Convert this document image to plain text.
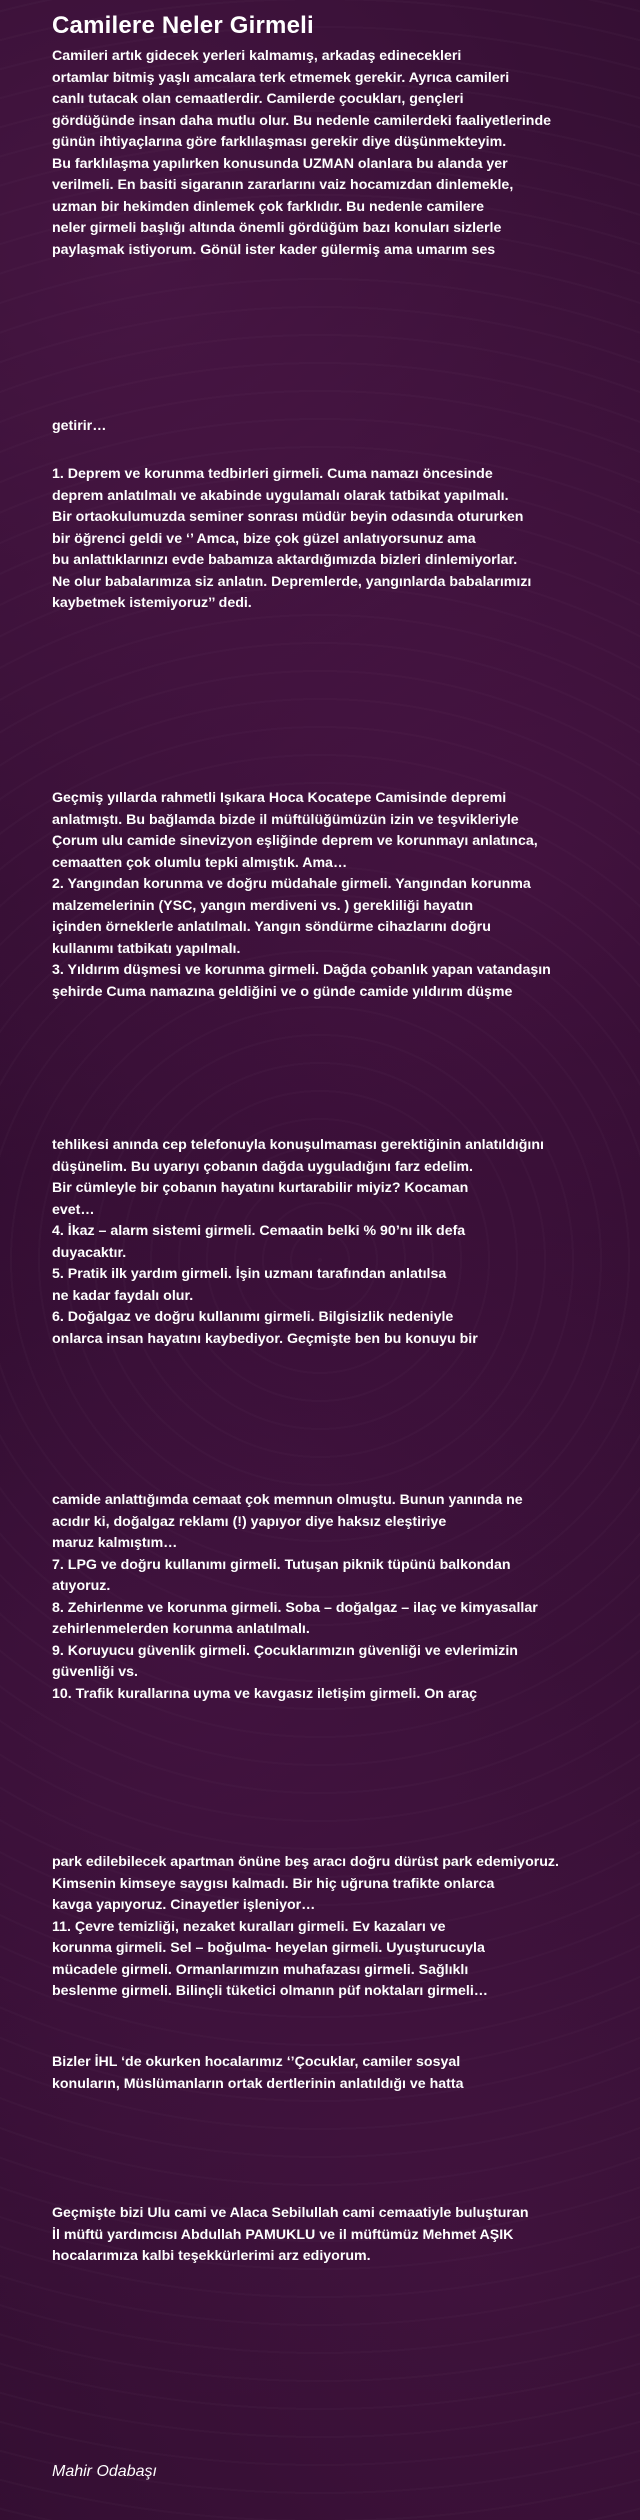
Camilere Neler Girmeli
Camileri artık gidecek yerleri kalmamış, arkadaş edinecekleri
ortamlar bitmiş yaşlı amcalara terk etmemek gerekir. Ayrıca camileri
canlı tutacak olan cemaatlerdir. Camilerde çocukları, gençleri
gördüğünde insan daha mutlu olur. Bu nedenle camilerdeki faaliyetlerinde
günün ihtiyaçlarına göre farklılaşması gerekir diye düşünmekteyim.
Bu farklılaşma yapılırken konusunda UZMAN olanlara bu alanda yer
verilmeli. En basiti sigaranın zararlarını vaiz hocamızdan dinlemekle,
uzman bir hekimden dinlemek çok farklıdır. Bu nedenle camilere
neler girmeli başlığı altında önemli gördüğüm bazı konuları sizlerle
paylaşmak istiyorum. Gönül ister kader gülermiş ama umarım ses
getirir…
1. Deprem ve korunma tedbirleri girmeli. Cuma namazı öncesinde
deprem anlatılmalı ve akabinde uygulamalı olarak tatbikat yapılmalı.
Bir ortaokulumuzda seminer sonrası müdür beyin odasında otururken
bir öğrenci geldi ve ‘’ Amca, bize çok güzel anlatıyorsunuz ama
bu anlattıklarınızı evde babamıza aktardığımızda bizleri dinlemiyorlar.
Ne olur babalarımıza siz anlatın. Depremlerde, yangınlarda babalarımızı
kaybetmek istemiyoruz’’ dedi.
Geçmiş yıllarda rahmetli Işıkara Hoca Kocatepe Camisinde depremi
anlatmıştı. Bu bağlamda bizde il müftülüğümüzün izin ve teşvikleriyle
Çorum ulu camide sinevizyon eşliğinde deprem ve korunmayı anlatınca,
cemaatten çok olumlu tepki almıştık. Ama…
2. Yangından korunma ve doğru müdahale girmeli. Yangından korunma
malzemelerinin (YSC, yangın merdiveni vs. ) gerekliliği hayatın
içinden örneklerle anlatılmalı. Yangın söndürme cihazlarını doğru
kullanımı tatbikatı yapılmalı.
3. Yıldırım düşmesi ve korunma girmeli. Dağda çobanlık yapan vatandaşın
şehirde Cuma namazına geldiğini ve o günde camide yıldırım düşme
tehlikesi anında cep telefonuyla konuşulmaması gerektiğinin anlatıldığını
düşünelim. Bu uyarıyı çobanın dağda uyguladığını farz edelim.
Bir cümleyle bir çobanın hayatını kurtarabilir miyiz? Kocaman
evet…
4. İkaz – alarm sistemi girmeli. Cemaatin belki % 90’nı ilk defa
duyacaktır.
5. Pratik ilk yardım girmeli. İşin uzmanı tarafından anlatılsa
ne kadar faydalı olur.
6. Doğalgaz ve doğru kullanımı girmeli. Bilgisizlik nedeniyle
onlarca insan hayatını kaybediyor. Geçmişte ben bu konuyu bir
camide anlattığımda cemaat çok memnun olmuştu. Bunun yanında ne
acıdır ki, doğalgaz reklamı (!) yapıyor diye haksız eleştiriye
maruz kalmıştım…
7. LPG ve doğru kullanımı girmeli. Tutuşan piknik tüpünü balkondan
atıyoruz.
8. Zehirlenme ve korunma girmeli. Soba – doğalgaz – ilaç ve kimyasallar
zehirlenmelerden korunma anlatılmalı.
9. Koruyucu güvenlik girmeli. Çocuklarımızın güvenliği ve evlerimizin
güvenliği vs.
10. Trafik kurallarına uyma ve kavgasız iletişim girmeli. On araç
park edilebilecek apartman önüne beş aracı doğru dürüst park edemiyoruz.
Kimsenin kimseye saygısı kalmadı. Bir hiç uğruna trafikte onlarca
kavga yapıyoruz. Cinayetler işleniyor…
11. Çevre temizliği, nezaket kuralları girmeli. Ev kazaları ve
korunma girmeli. Sel – boğulma- heyelan girmeli. Uyuşturucuyla
mücadele girmeli. Ormanlarımızın muhafazası girmeli. Sağlıklı
beslenme girmeli. Bilinçli tüketici olmanın püf noktaları girmeli…
Bizler İHL ‘de okurken hocalarımız ‘’Çocuklar, camiler sosyal
konuların, Müslümanların ortak dertlerinin anlatıldığı ve hatta
Geçmişte bizi Ulu cami ve Alaca Sebilullah cami cemaatiyle buluşturan
İl müftü yardımcısı Abdullah PAMUKLU ve il müftümüz Mehmet AŞIK
hocalarımıza kalbi teşekkürlerimi arz ediyorum.

Mahir Odabaşı
